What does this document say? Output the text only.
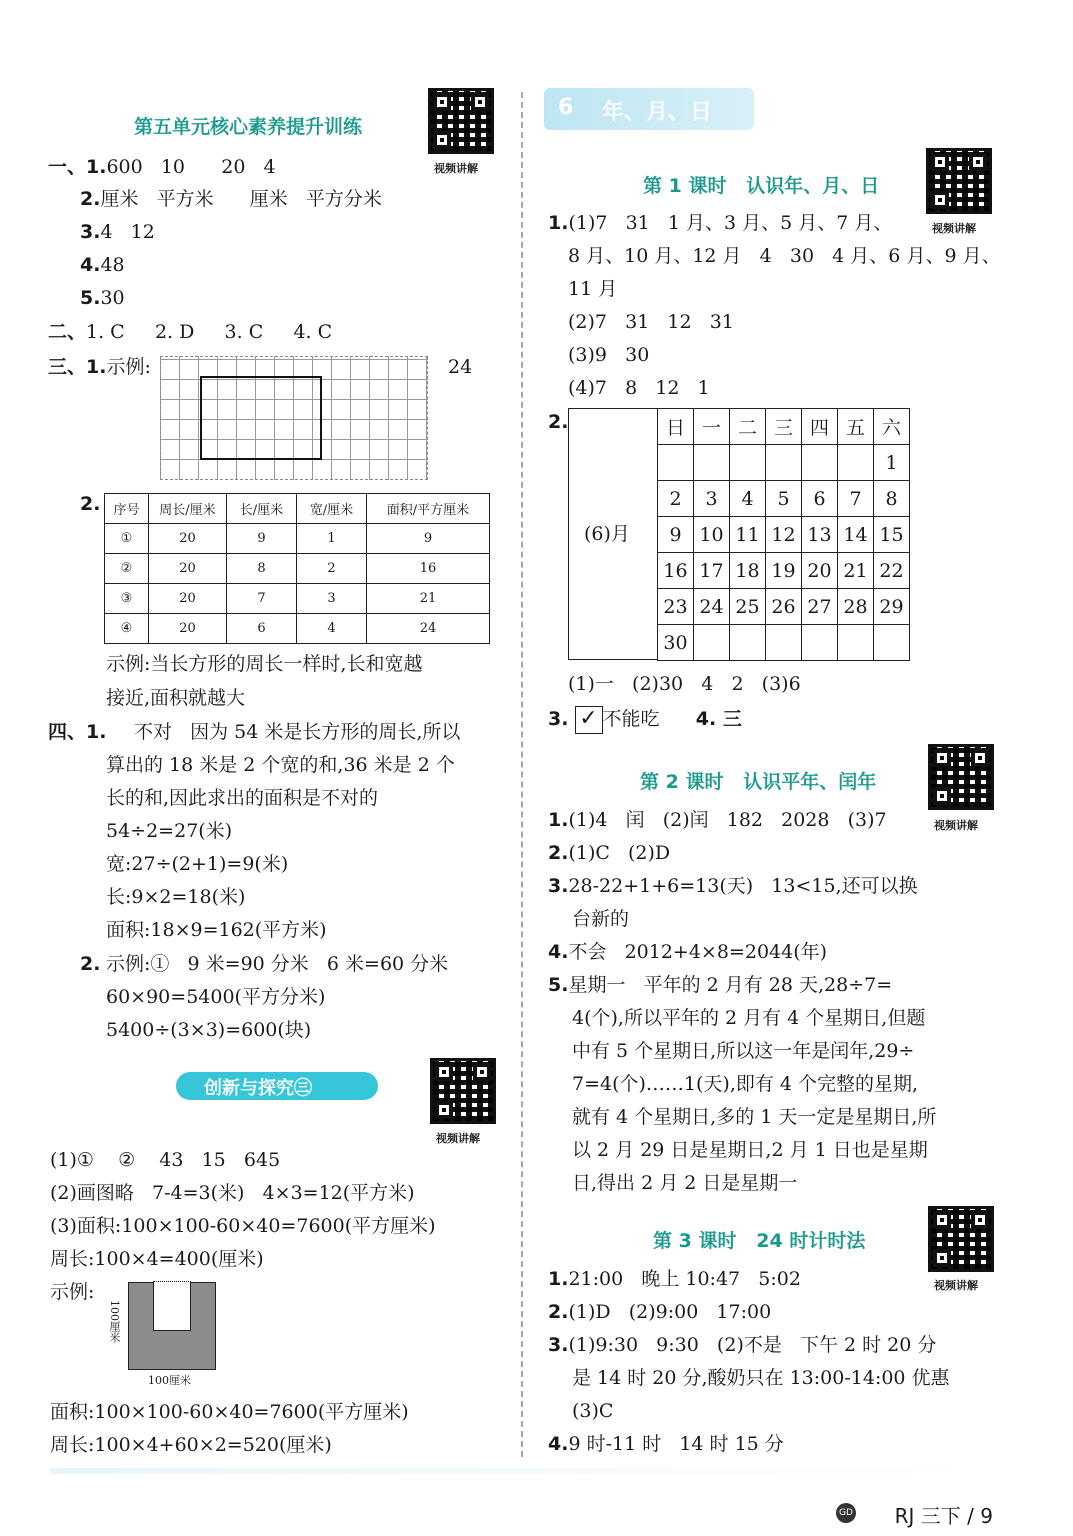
第五单元核心素养提升训练
视频讲解
一、1.600   10      20   4
2.厘米   平方米      厘米   平方分米
3.4   12
4.48
5.30
二、1. C 2. D 3. C 4. C
三、1.示例:	24
2. 序号	周长/厘米	长/厘米	宽/厘米	面积/平方厘米
①	20	9	1	9
②	20	8	2	16
③	20	7	3	21
④	20	6	4	24
示例:当长方形的周长一样时,长和宽越
接近,面积就越大
四、1. 不对   因为 54 米是长方形的周长,所以
算出的 18 米是 2 个宽的和,36 米是 2 个
长的和,因此求出的面积是不对的
54÷2=27(米)
宽:27÷(2+1)=9(米)
长:9×2=18(米)
面积:18×9=162(平方米)
2. 示例:①   9 米=90 分米   6 米=60 分米
60×90=5400(平方分米)
5400÷(3×3)=600(块)
创新与探究㊂
视频讲解
(1)①    ②    43   15   645
(2)画图略   7-4=3(米)   4×3=12(平方米)
(3)面积:100×100-60×40=7600(平方厘米)
周长:100×4=400(厘米)
示例:
100厘米
100厘米
面积:100×100-60×40=7600(平方厘米)
周长:100×4+60×2=520(厘米)
6 年、月、日
第 1 课时   认识年、月、日
视频讲解
1.(1)7   31   1 月、3 月、5 月、7 月、
8 月、10 月、12 月   4   30   4 月、6 月、9 月、
11 月
(2)7   31   12   31
(3)9   30
(4)7   8   12   1
2.
(6)月
日	一	二	三	四	五	六
						1
2	3	4	5	6	7	8
9	10	11	12	13	14	15
16	17	18	19	20	21	22
23	24	25	26	27	28	29
30						
(1)一   (2)30   4   2   (3)6
3. ✓ 不能吃 4. 三
第 2 课时   认识平年、闰年
视频讲解
1.(1)4   闰   (2)闰   182   2028   (3)7
2.(1)C   (2)D
3.28-22+1+6=13(天)   13<15,还可以换
台新的
4.不会   2012+4×8=2044(年)
5.星期一   平年的 2 月有 28 天,28÷7=
4(个),所以平年的 2 月有 4 个星期日,但题
中有 5 个星期日,所以这一年是闰年,29÷
7=4(个)……1(天),即有 4 个完整的星期,
就有 4 个星期日,多的 1 天一定是星期日,所
以 2 月 29 日是星期日,2 月 1 日也是星期
日,得出 2 月 2 日是星期一
第 3 课时   24 时计时法
视频讲解
1.21:00   晚上 10:47   5:02
2.(1)D   (2)9:00   17:00
3.(1)9:30   9:30   (2)不是   下午 2 时 20 分
是 14 时 20 分,酸奶只在 13:00-14:00 优惠
(3)C
4.9 时-11 时   14 时 15 分
GD RJ 三下 / 9
